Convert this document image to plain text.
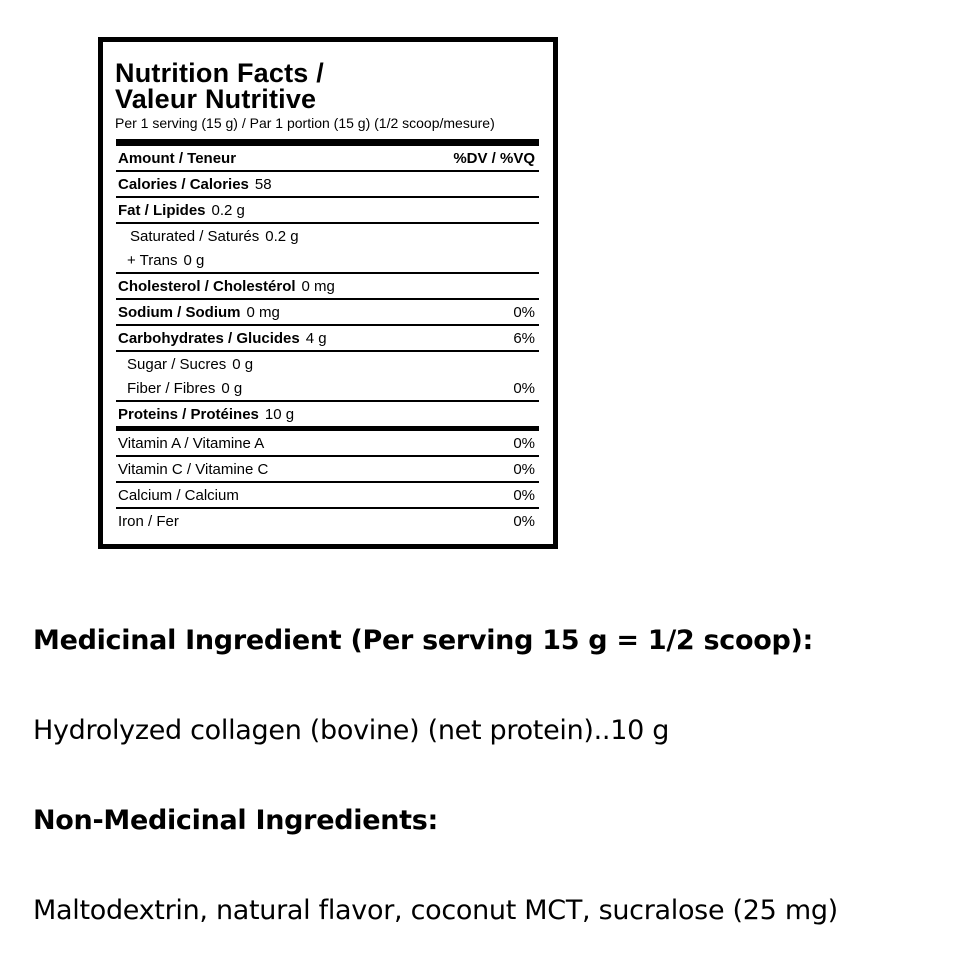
Nutrition Facts /
Valeur Nutritive
Per 1 serving (15 g) / Par 1 portion (15 g) (1/2 scoop/mesure)
Amount / Teneur	%DV / %VQ
Calories / Calories 58
Fat / Lipides 0.2 g
Saturated / Saturés 0.2 g
+ Trans 0 g
Cholesterol / Cholestérol 0 mg
Sodium / Sodium 0 mg	0%
Carbohydrates / Glucides 4 g	6%
Sugar / Sucres 0 g
Fiber / Fibres 0 g	0%
Proteins / Protéines 10 g
Vitamin A / Vitamine A	0%
Vitamin C / Vitamine C	0%
Calcium / Calcium	0%
Iron / Fer	0%
Medicinal Ingredient (Per serving 15 g = 1/2 scoop):
Hydrolyzed collagen (bovine) (net protein)..10 g
Non-Medicinal Ingredients:
Maltodextrin, natural flavor, coconut MCT, sucralose (25 mg)
